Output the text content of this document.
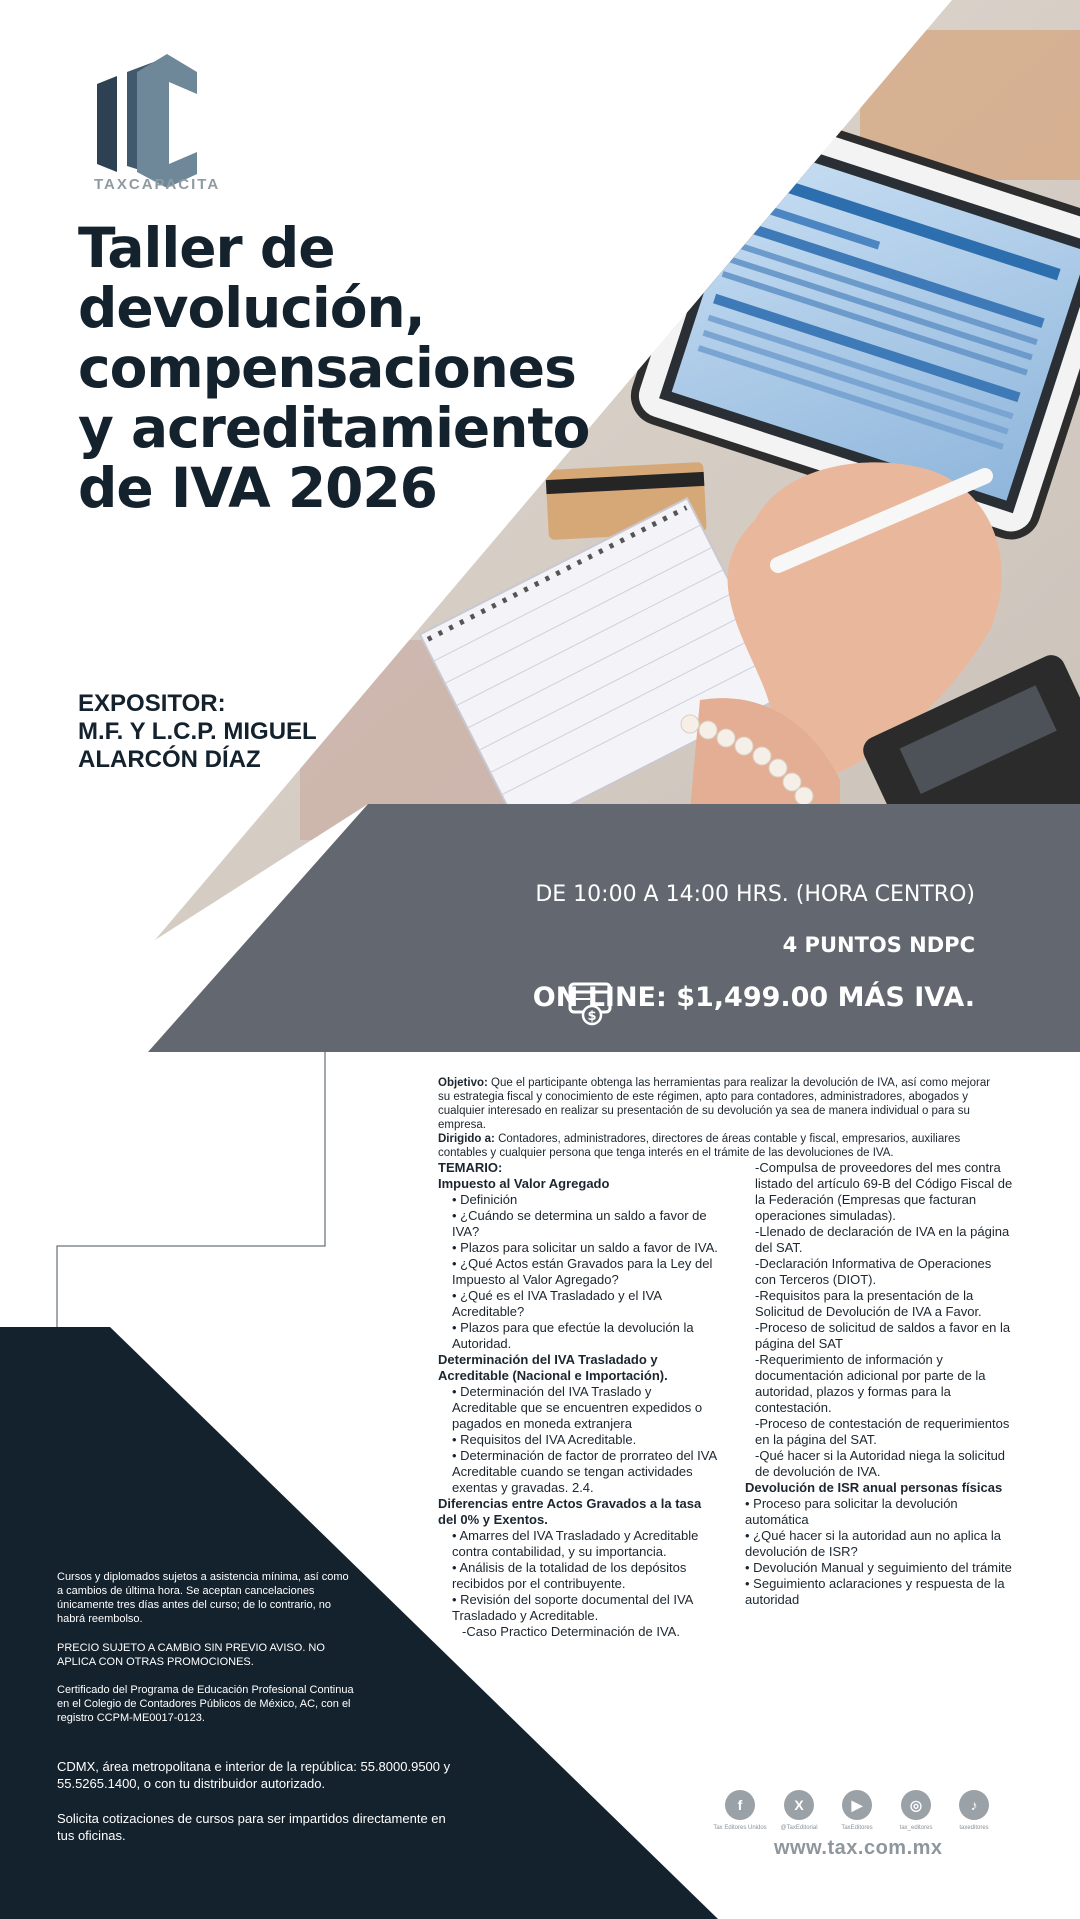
TAXCAPACITA
Taller de
devolución,
compensaciones
y acreditamiento
de IVA 2026
EXPOSITOR:
M.F. Y L.C.P. MIGUEL
ALARCÓN DÍAZ
DE 10:00 A 14:00 HRS. (HORA CENTRO)
4 PUNTOS NDPC
$
ON LINE: $1,499.00 MÁS IVA.
Objetivo: Que el participante obtenga las herramientas para realizar la devolución de IVA, así como mejorar su estrategia fiscal y conocimiento de este régimen, apto para contadores, administradores, abogados y cualquier interesado en realizar su presentación de su devolución ya sea de manera individual o para su empresa.
Dirigido a: Contadores, administradores, directores de áreas contable y fiscal, empresarios, auxiliares contables y cualquier persona que tenga interés en el trámite de las devoluciones de IVA.
TEMARIO:
Impuesto al Valor Agregado
• Definición
• ¿Cuándo se determina un saldo a favor de IVA?
• Plazos para solicitar un saldo a favor de IVA.
• ¿Qué Actos están Gravados para la Ley del Impuesto al Valor Agregado?
• ¿Qué es el IVA Trasladado y el IVA Acreditable?
• Plazos para que efectúe la devolución la Autoridad.
Determinación del IVA Trasladado y Acreditable (Nacional e Importación).
• Determinación del IVA Traslado y Acreditable que se encuentren expedidos o pagados en moneda extranjera
• Requisitos del IVA Acreditable.
• Determinación de factor de prorrateo del IVA Acreditable cuando se tengan actividades exentas y gravadas. 2.4.
Diferencias entre Actos Gravados a la tasa del 0% y Exentos.
• Amarres del IVA Trasladado y Acreditable contra contabilidad, y su importancia.
• Análisis de la totalidad de los depósitos recibidos por el contribuyente.
• Revisión del soporte documental del IVA Trasladado y Acreditable.
-Caso Practico Determinación de IVA.
-Compulsa de proveedores del mes contra listado del artículo 69-B del Código Fiscal de la Federación (Empresas que facturan operaciones simuladas).
-Llenado de declaración de IVA en la página del SAT.
-Declaración Informativa de Operaciones con Terceros (DIOT).
-Requisitos para la presentación de la Solicitud de Devolución de IVA a Favor.
-Proceso de solicitud de saldos a favor en la página del SAT
-Requerimiento de información y documentación adicional por parte de la autoridad, plazos y formas para la contestación.
-Proceso de contestación de requerimientos en la página del SAT.
-Qué hacer si la Autoridad niega la solicitud de devolución de IVA.
Devolución de ISR anual personas físicas
• Proceso para solicitar la devolución automática
• ¿Qué hacer si la autoridad aun no aplica la devolución de ISR?
• Devolución Manual y seguimiento del trámite
• Seguimiento aclaraciones y respuesta de la autoridad
Cursos y diplomados sujetos a asistencia mínima, así como a cambios de última hora. Se aceptan cancelaciones únicamente tres días antes del curso; de lo contrario, no habrá reembolso.
PRECIO SUJETO A CAMBIO SIN PREVIO AVISO. NO APLICA CON OTRAS PROMOCIONES.
Certificado del Programa de Educación Profesional Continua en el Colegio de Contadores Públicos de México, AC, con el registro CCPM-ME0017-0123.
CDMX, área metropolitana e interior de la república: 55.8000.9500 y 55.5265.1400, o con tu distribuidor autorizado.
Solicita cotizaciones de cursos para ser impartidos directamente en tus oficinas.
f
Tax Editores Unidos
X
@TaxEditorial
▶
TaxEditores
◎
tax_editores
♪
taxeditores
www.tax.com.mx
